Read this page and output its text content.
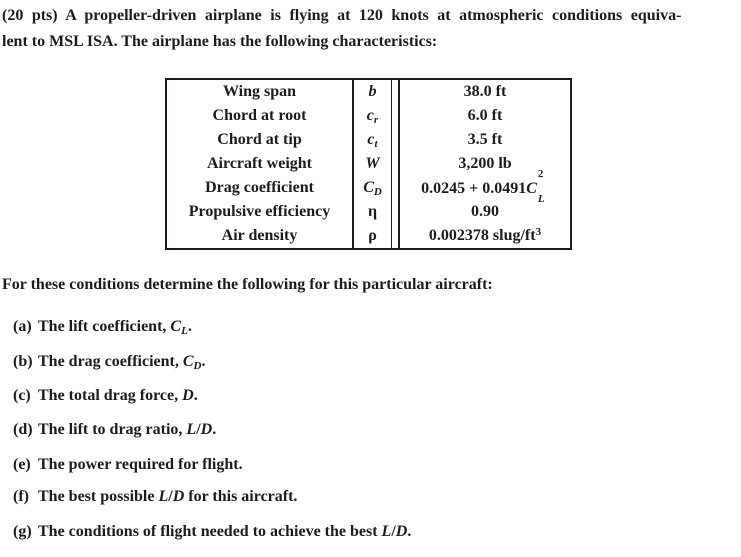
(20 pts) A propeller-driven airplane is flying at 120 knots at atmospheric conditions equiva-
lent to MSL ISA. The airplane has the following characteristics:
Wing span	b		38.0 ft
Chord at root	$c_r$		6.0 ft
Chord at tip	$c_t$		3.5 ft
Aircraft weight	W		3,200 lb
Drag coefficient	$C_D$		0.0245 + 0.0491C
2
L

Propulsive efficiency	η		0.90
Air density	ρ		0.002378 slug/$ft^3$
For these conditions determine the following for this particular aircraft:
(a) The lift coefficient, $C_L$.
(b) The drag coefficient, $C_D$.
(c) The total drag force, D.
(d) The lift to drag ratio, L/D.
(e) The power required for flight.
(f) The best possible L/D for this aircraft.
(g) The conditions of flight needed to achieve the best L/D.
